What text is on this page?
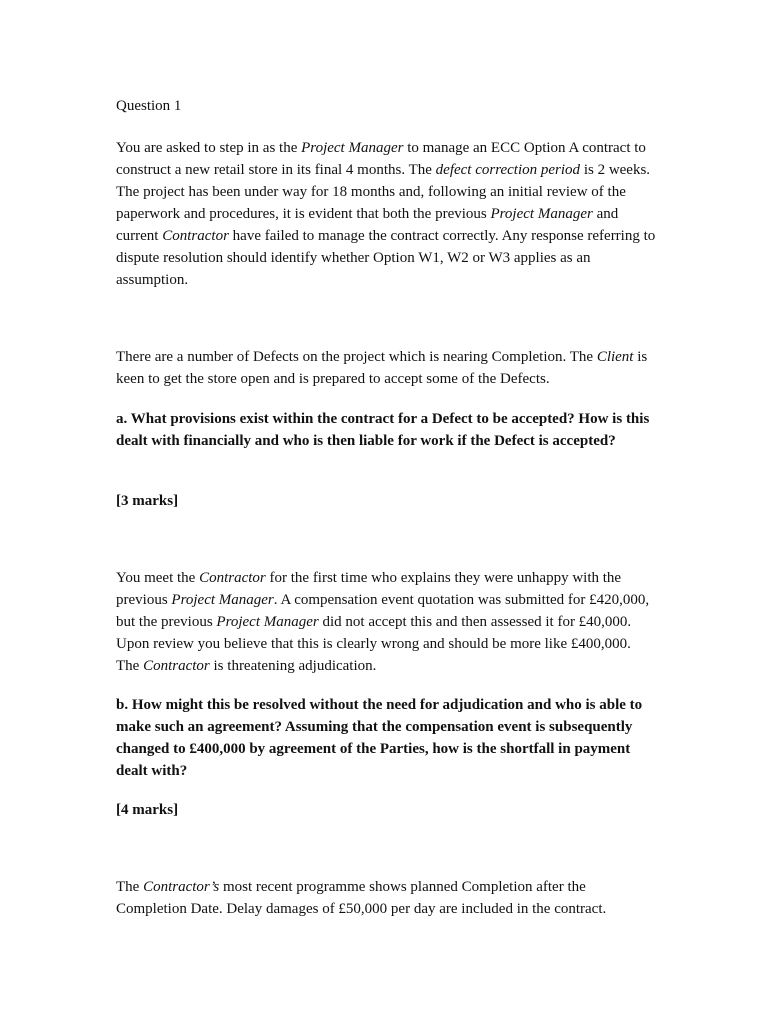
Question 1

You are asked to step in as the Project Manager to manage an ECC Option A contract to construct a new retail store in its final 4 months. The defect correction period is 2 weeks. The project has been under way for 18 months and, following an initial review of the paperwork and procedures, it is evident that both the previous Project Manager and current Contractor have failed to manage the contract correctly. Any response referring to dispute resolution should identify whether Option W1, W2 or W3 applies as an assumption.

There are a number of Defects on the project which is nearing Completion. The Client is keen to get the store open and is prepared to accept some of the Defects.

a. What provisions exist within the contract for a Defect to be accepted? How is this dealt with financially and who is then liable for work if the Defect is accepted?

[3 marks]

You meet the Contractor for the first time who explains they were unhappy with the previous Project Manager. A compensation event quotation was submitted for £420,000, but the previous Project Manager did not accept this and then assessed it for £40,000. Upon review you believe that this is clearly wrong and should be more like £400,000. The Contractor is threatening adjudication.

b. How might this be resolved without the need for adjudication and who is able to make such an agreement? Assuming that the compensation event is subsequently changed to £400,000 by agreement of the Parties, how is the shortfall in payment dealt with?

[4 marks]

The Contractor’s most recent programme shows planned Completion after the Completion Date. Delay damages of £50,000 per day are included in the contract.
